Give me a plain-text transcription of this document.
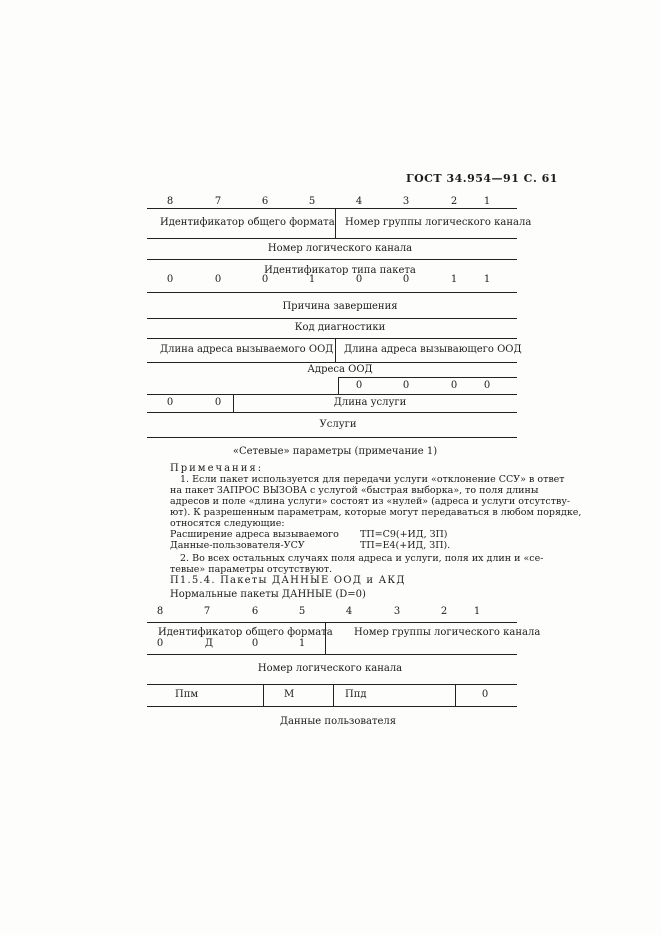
ГОСТ 34.954—91 С. 61
8	7	6	5	4	3	2	1
Идентификатор общего формата Номер группы логического канала
Номер логического канала
Идентификатор типа пакета
0	0	0	1	0	0	1	1
Причина завершения
Код диагностики
Длина адреса вызываемого ООД Длина адреса вызывающего ООД
Адреса ООД
0	0	0	0
0	0	Длина услуги
Услуги
«Сетевые» параметры (примечание 1)
Примечания:
1. Если пакет используется для передачи услуги «отклонение ССУ» в ответ
на пакет ЗАПРОС ВЫЗОВА с услугой «быстрая выборка», то поля длины
адресов и поле «длина услуги» состоят из «нулей» (адреса и услуги отсутству-
ют). К разрешенным параметрам, которые могут передаваться в любом порядке,
относятся следующие:
Расширение адреса вызываемого ТП=С9(+ИД, ЗП)
Данные-пользователя-УСУ	ТП=Е4(+ИД, ЗП).
2. Во всех остальных случаях поля адреса и услуги, поля их длин и «се-
тевые» параметры отсутствуют.
П1.5.4. Пакеты ДАННЫЕ ООД и АКД
Нормальные пакеты ДАННЫЕ (D=0)
8	7	6	5	4	3	2	1
Идентификатор общего формата Номер группы логического канала
0	Д	0	1
Номер логического канала
Ппм	М	Ппд	0
Данные пользователя
